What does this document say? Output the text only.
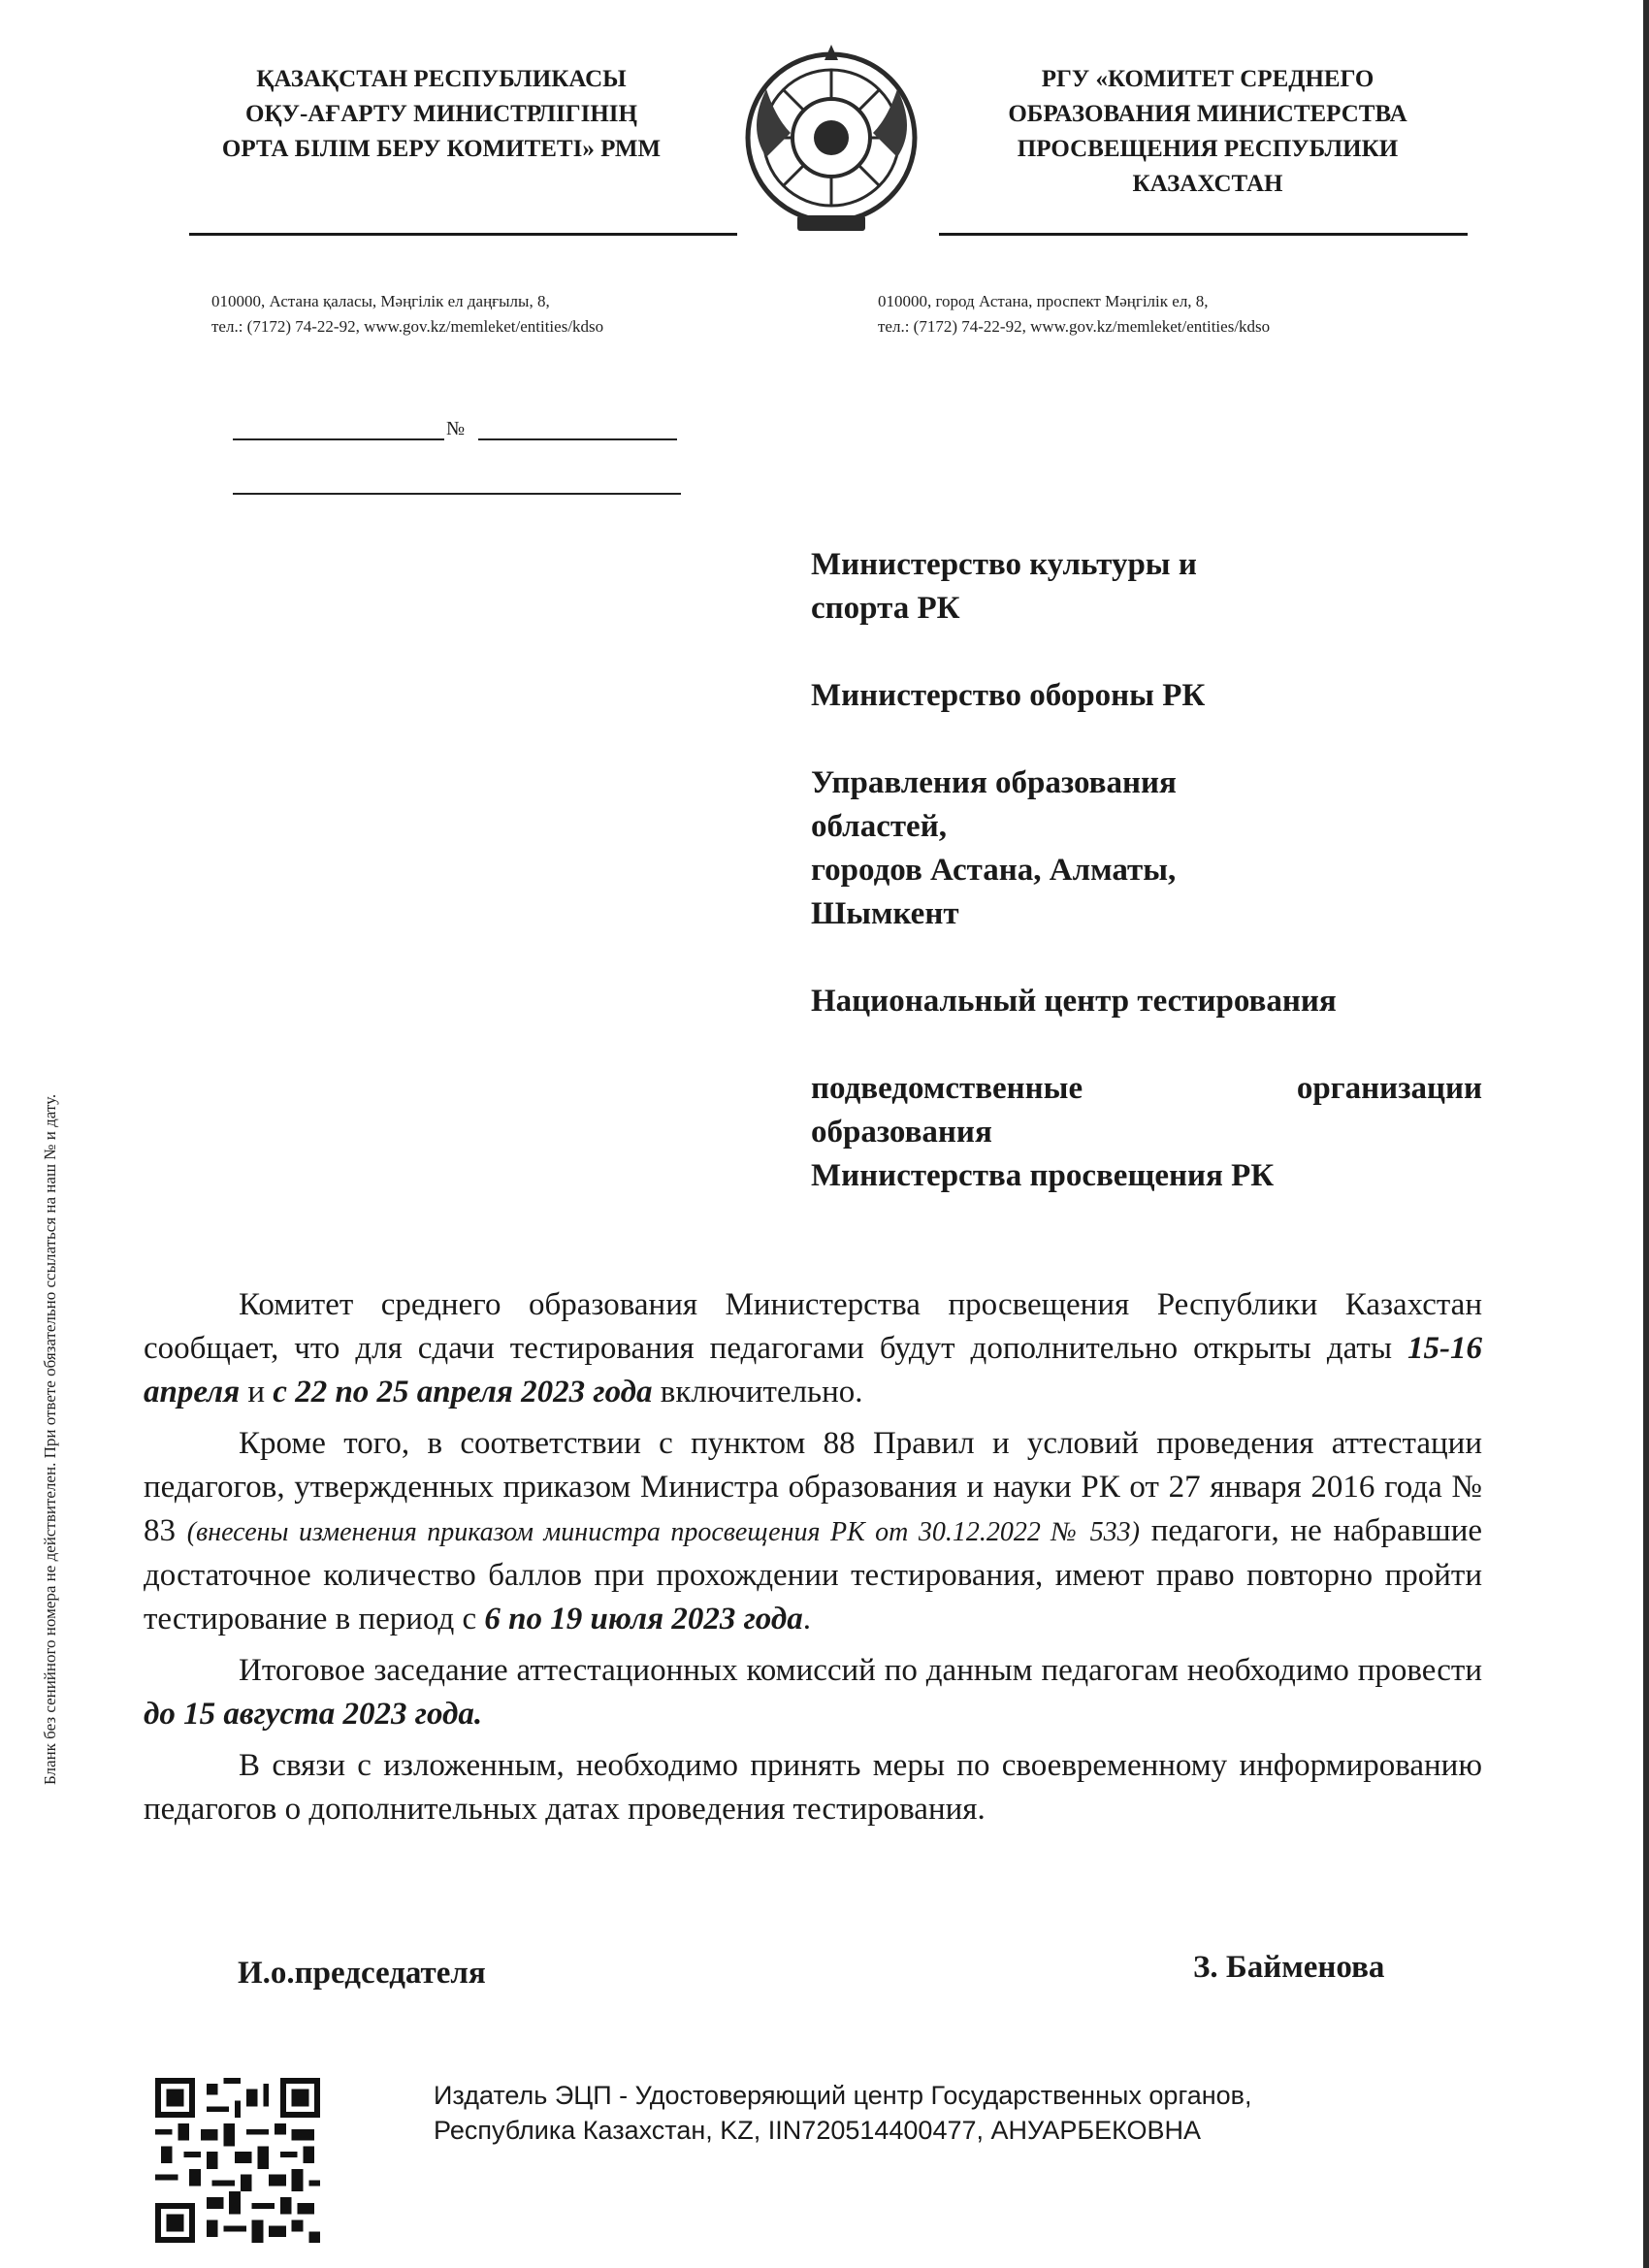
Бланк без сенийного номера не действителен. При ответе обязательно ссылаться на наш № и дату.
ҚАЗАҚСТАН РЕСПУБЛИКАСЫ
ОҚУ-АҒАРТУ МИНИСТРЛІГІНІҢ
ОРТА БІЛІМ БЕРУ КОМИТЕТІ» РММ
РГУ «КОМИТЕТ СРЕДНЕГО
ОБРАЗОВАНИЯ МИНИСТЕРСТВА
ПРОСВЕЩЕНИЯ РЕСПУБЛИКИ
КАЗАХСТАН
010000, Астана қаласы, Мәңгілік ел даңғылы, 8,
тел.: (7172) 74-22-92, www.gov.kz/memleket/entities/kdso
010000, город Астана, проспект Мәңгілік ел, 8,
тел.: (7172) 74-22-92, www.gov.kz/memleket/entities/kdso
№
Министерство культуры и
спорта РК
Министерство обороны РК
Управления образования
областей,
городов Астана, Алматы,
Шымкент
Национальный центр тестирования
подведомственные	организации
образования
Министерства просвещения РК

Комитет среднего образования Министерства просвещения Республики Казахстан сообщает, что для сдачи тестирования педагогами будут дополнительно открыты даты 15-16 апреля и с 22 по 25 апреля 2023 года включительно.

Кроме того, в соответствии с пунктом 88 Правил и условий проведения аттестации педагогов, утвержденных приказом Министра образования и науки РК от 27 января 2016 года № 83 (внесены изменения приказом министра просвещения РК от 30.12.2022 № 533) педагоги, не набравшие достаточное количество баллов при прохождении тестирования, имеют право повторно пройти тестирование в период с 6 по 19 июля 2023 года.

Итоговое заседание аттестационных комиссий по данным педагогам необходимо провести до 15 августа 2023 года.

В связи с изложенным, необходимо принять меры по своевременному информированию педагогов о дополнительных датах проведения тестирования.

И.о.председателя	З. Байменова
Издатель ЭЦП - Удостоверяющий центр Государственных органов,
Республика Казахстан, KZ, IIN720514400477, АНУАРБЕКОВНА
